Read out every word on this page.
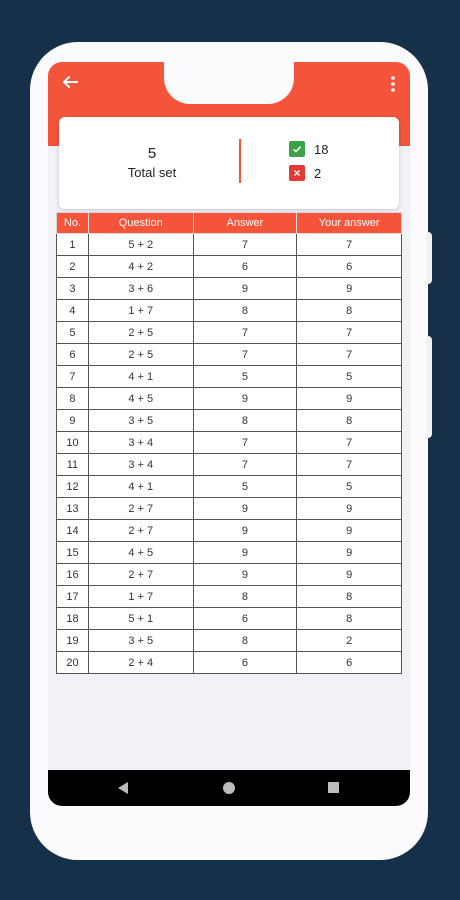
5
Total set
18
2
No.	Question	Answer	Your answer
1	5 + 2	7	7
2	4 + 2	6	6
3	3 + 6	9	9
4	1 + 7	8	8
5	2 + 5	7	7
6	2 + 5	7	7
7	4 + 1	5	5
8	4 + 5	9	9
9	3 + 5	8	8
10	3 + 4	7	7
11	3 + 4	7	7
12	4 + 1	5	5
13	2 + 7	9	9
14	2 + 7	9	9
15	4 + 5	9	9
16	2 + 7	9	9
17	1 + 7	8	8
18	5 + 1	6	8
19	3 + 5	8	2
20	2 + 4	6	6
